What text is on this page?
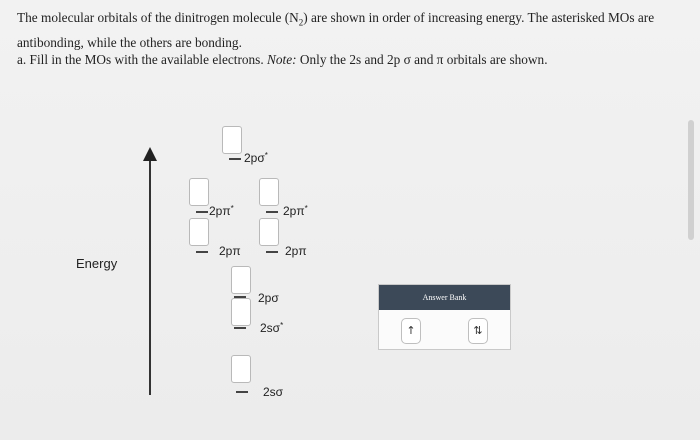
The molecular orbitals of the dinitrogen molecule $(N_2)$ are shown in order of increasing energy. The asterisked MOs are antibonding, while the others are bonding.
a. Fill in the MOs with the available electrons. Note: Only the 2s and 2p σ and π orbitals are shown.
Energy
2pσ*
2pπ*	2pπ*
2pπ	2pπ
2pσ
2sσ*
2sσ
Answer Bank
↑	⇅
